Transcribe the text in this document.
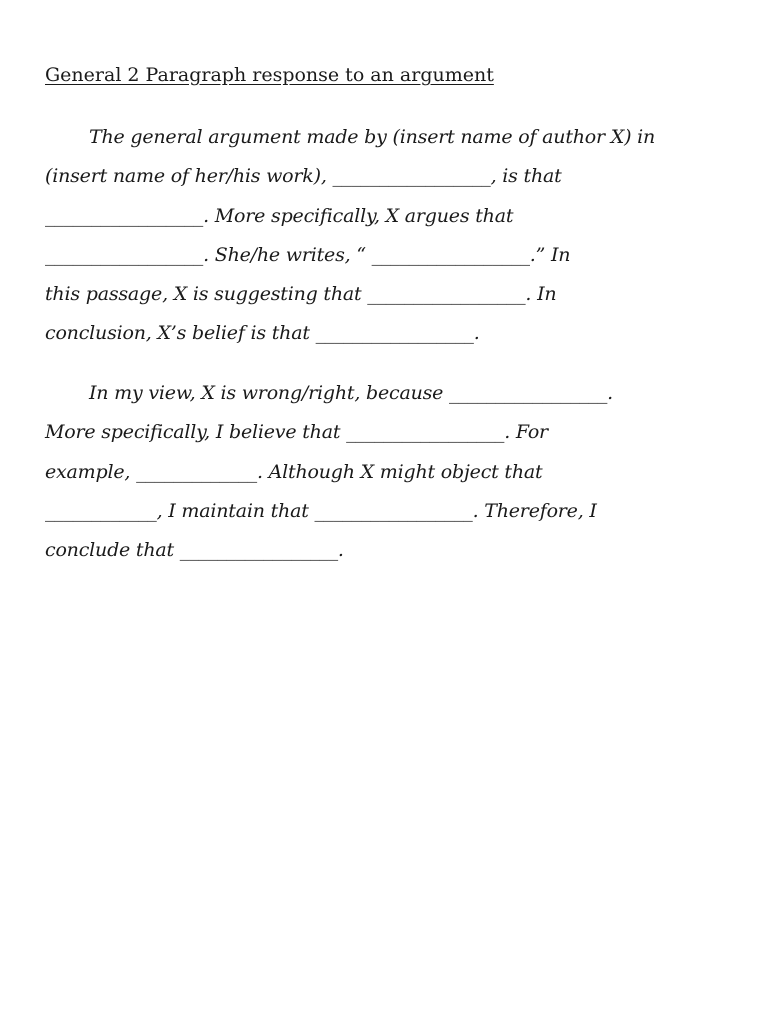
General 2 Paragraph response to an argument
The general argument made by (insert name of author X) in
(insert name of her/his work), _________________, is that
_________________. More specifically, X argues that
_________________. She/he writes, “ _________________.” In
this passage, X is suggesting that _________________. In
conclusion, X’s belief is that _________________.
In my view, X is wrong/right, because _________________.
More specifically, I believe that _________________. For
example, _____________. Although X might object that
____________, I maintain that _________________. Therefore, I
conclude that _________________.
